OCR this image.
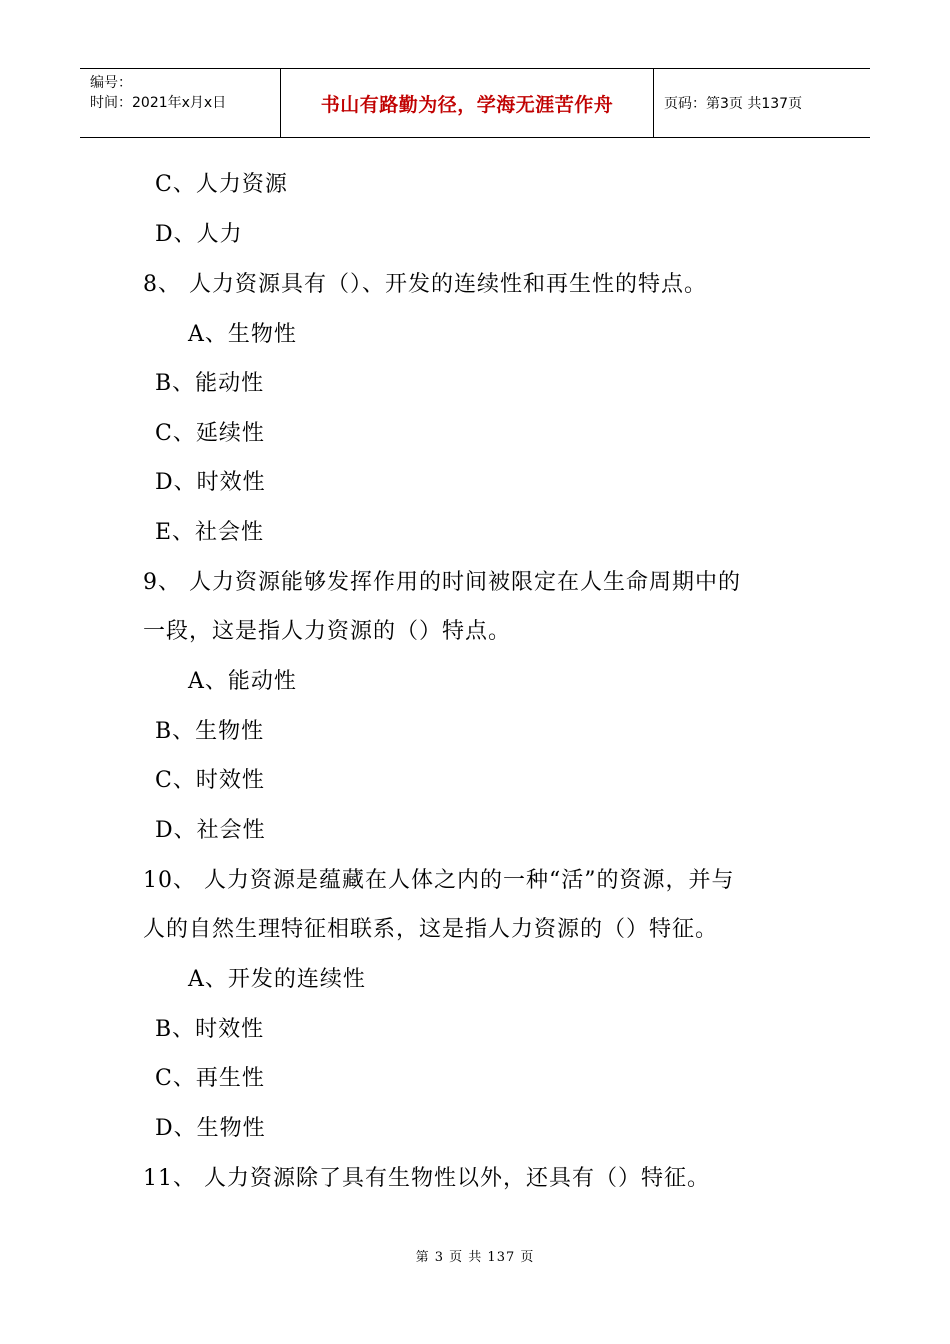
编号：
时间：2021年x月x日	书山有路勤为径，学海无涯苦作舟	页码：第3页 共137页
C、人力资源
D、人力
8、 人力资源具有（）、开发的连续性和再生性的特点。
A、生物性
B、能动性
C、延续性
D、时效性
E、社会性
9、 人力资源能够发挥作用的时间被限定在人生命周期中的
一段，这是指人力资源的（）特点。
A、能动性
B、生物性
C、时效性
D、社会性
10、 人力资源是蕴藏在人体之内的一种“活”的资源，并与
人的自然生理特征相联系，这是指人力资源的（）特征。
A、开发的连续性
B、时效性
C、再生性
D、生物性
11、 人力资源除了具有生物性以外，还具有（）特征。
第 3 页 共 137 页
